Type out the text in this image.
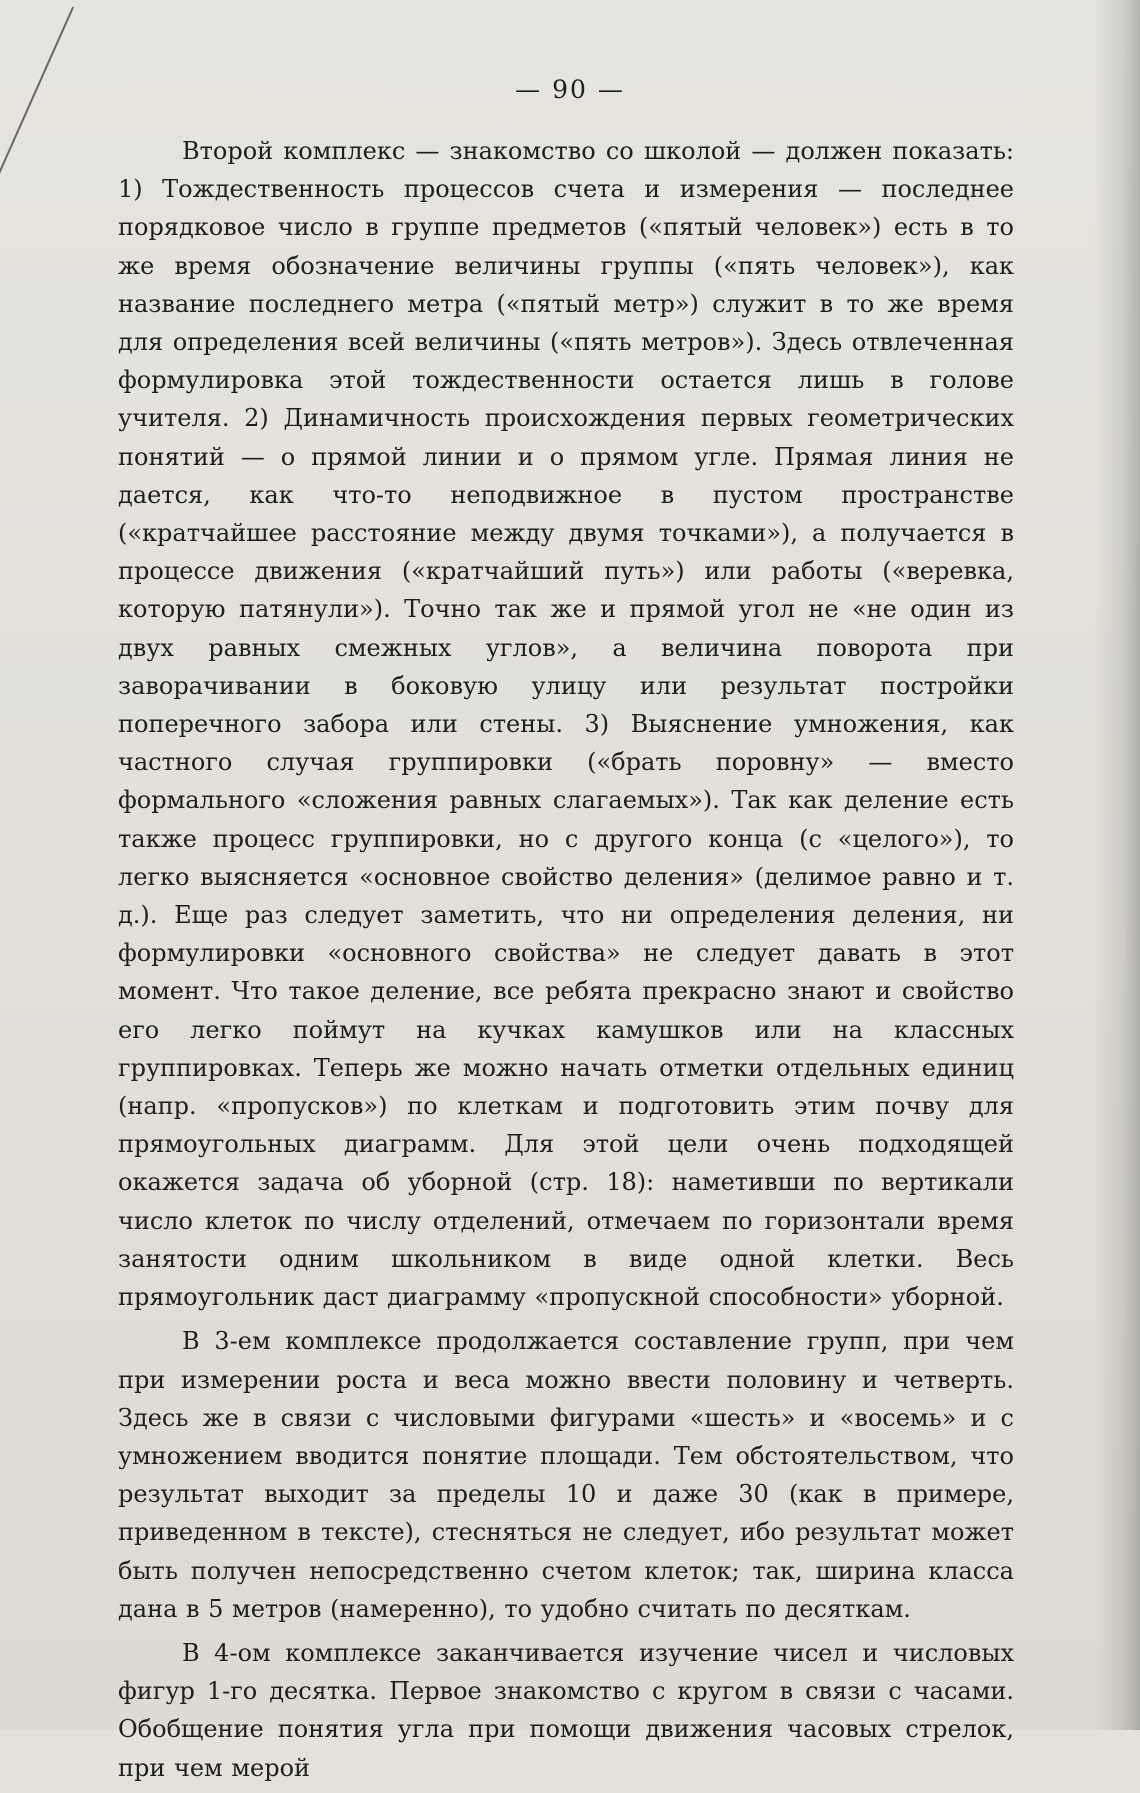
— 90 —

Второй комплекс — знакомство со школой — должен показать: 1) Тождественность процессов счета и измерения — последнее порядковое число в группе предметов («пятый человек») есть в то же время обозначение величины группы («пять человек»), как название последнего метра («пятый метр») служит в то же время для определения всей величины («пять метров»). Здесь отвлеченная формулировка этой тождественности остается лишь в голове учителя. 2) Динамичность происхождения первых геометрических понятий — о прямой линии и о прямом угле. Прямая линия не дается, как что-то неподвижное в пустом пространстве («кратчайшее расстояние между двумя точками»), а получается в процессе движения («кратчайший путь») или работы («веревка, которую патянули»). Точно так же и прямой угол не «не один из двух равных смежных углов», а величина поворота при заворачивании в боковую улицу или результат постройки поперечного забора или стены. 3) Выяснение умножения, как частного случая группировки («брать поровну» — вместо формального «сложения равных слагаемых»). Так как деление есть также процесс группировки, но с другого конца (с «целого»), то легко выясняется «основное свойство деления» (делимое равно и т. д.). Еще раз следует заметить, что ни определения деления, ни формулировки «основного свойства» не следует давать в этот момент. Что такое деление, все ребята прекрасно знают и свойство его легко поймут на кучках камушков или на классных группировках. Теперь же можно начать отметки отдельных единиц (напр. «пропусков») по клеткам и подготовить этим почву для прямоугольных диаграмм. Для этой цели очень подходящей окажется задача об уборной (стр. 18): наметивши по вертикали число клеток по числу отделений, отмечаем по горизонтали время занятости одним школьником в виде одной клетки. Весь прямоугольник даст диаграмму «пропускной способности» уборной.

В 3-ем комплексе продолжается составление групп, при чем при измерении роста и веса можно ввести половину и четверть. Здесь же в связи с числовыми фигурами «шесть» и «восемь» и с умножением вводится понятие площади. Тем обстоятельством, что результат выходит за пределы 10 и даже 30 (как в примере, приведенном в тексте), стесняться не следует, ибо результат может быть получен непосредственно счетом клеток; так, ширина класса дана в 5 метров (намеренно), то удобно считать по десяткам.

В 4-ом комплексе заканчивается изучение чисел и числовых фигур 1-го десятка. Первое знакомство с кругом в связи с часами. Обобщение понятия угла при помощи движения часовых стрелок, при чем мерой
